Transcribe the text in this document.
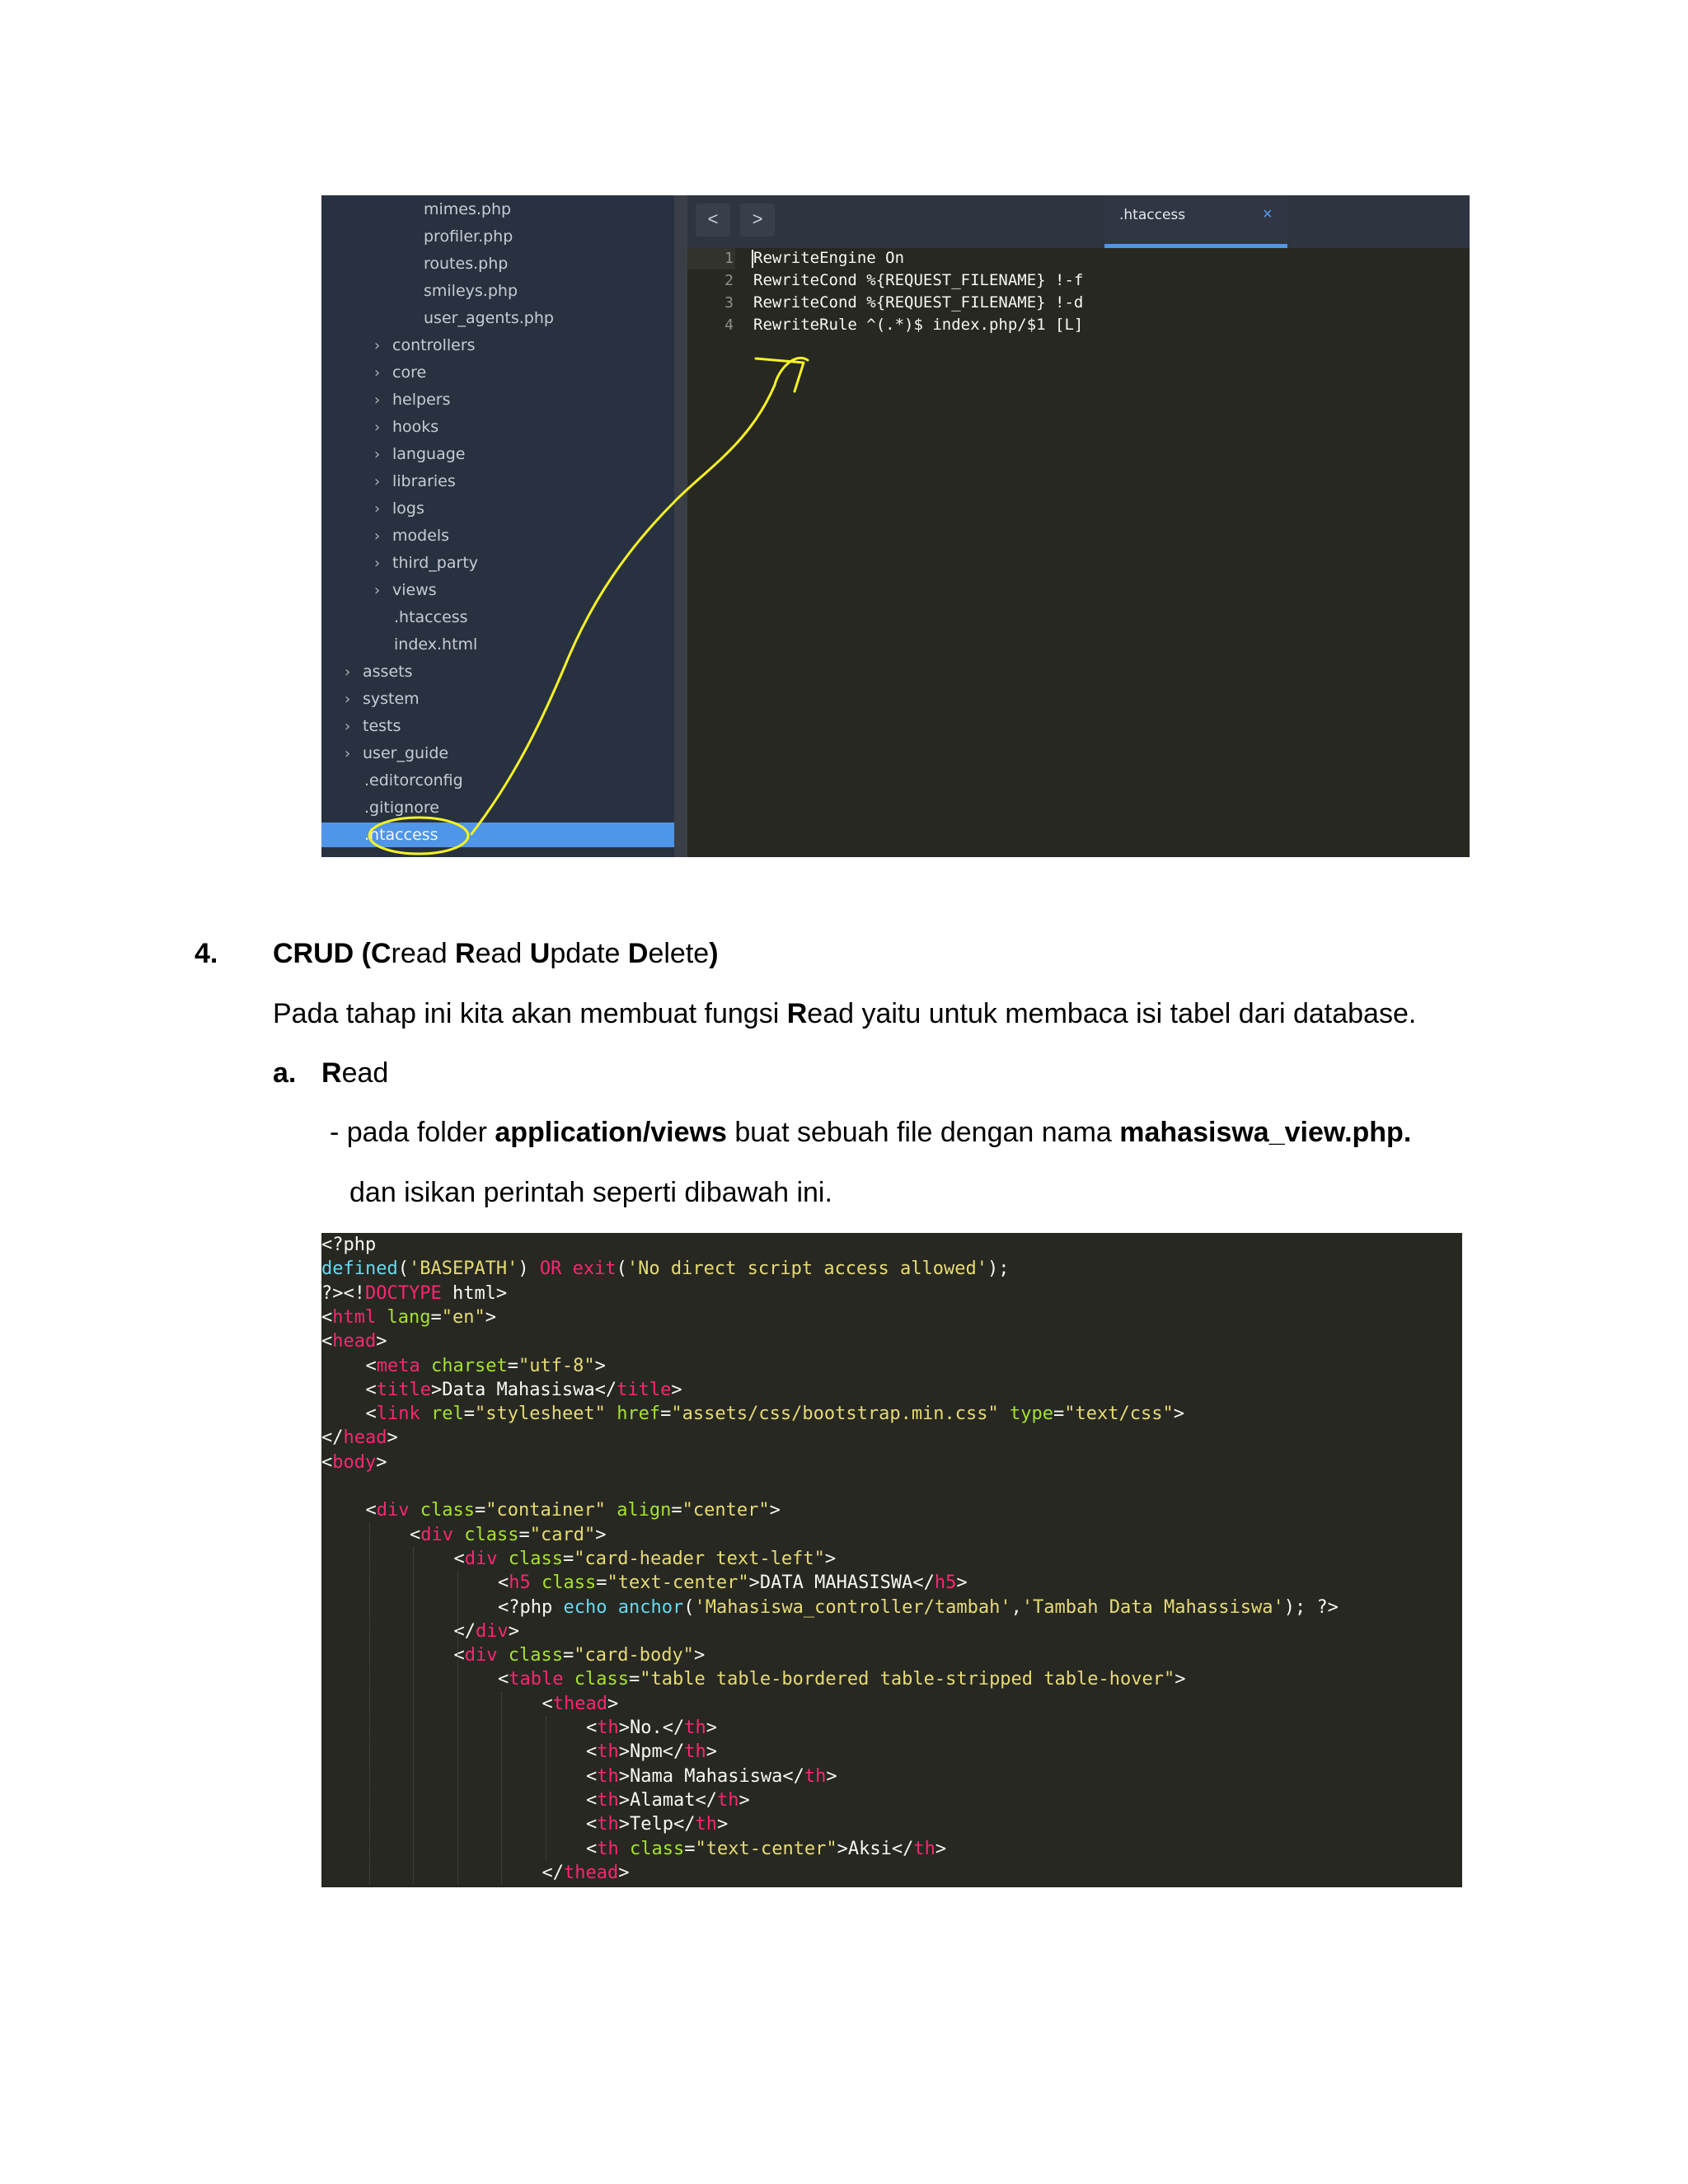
mimes.php
profiler.php
routes.php
smileys.php
user_agents.php
› controllers
› core
› helpers
› hooks
› language
› libraries
› logs
› models
› third_party
› views
.htaccess
index.html
› assets
› system
› tests
› user_guide
.editorconfig
.gitignore
.htaccess
<	>	.htaccess	×
1
2
3
4
RewriteEngine On
RewriteCond %{REQUEST_FILENAME} !-f
RewriteCond %{REQUEST_FILENAME} !-d
RewriteRule ^(.*)$ index.php/$1 [L]
4. CRUD (Cread Read Update Delete)
Pada tahap ini kita akan membuat fungsi Read yaitu untuk membaca isi tabel dari database.
a. Read
- pada folder application/views buat sebuah file dengan nama mahasiswa_view.php.
dan isikan perintah seperti dibawah ini.
<?php
defined('BASEPATH') OR exit('No direct script access allowed');
?><!DOCTYPE html>
<html lang="en">
<head>
<meta charset="utf-8">
<title>Data Mahasiswa</title>
<link rel="stylesheet" href="assets/css/bootstrap.min.css" type="text/css">
</head>
<body>
<div class="container" align="center">
<div class="card">
<div class="card-header text-left">
<h5 class="text-center">DATA MAHASISWA</h5>
<?php echo anchor('Mahasiswa_controller/tambah','Tambah Data Mahassiswa'); ?>
</div>
<div class="card-body">
<table class="table table-bordered table-stripped table-hover">
<thead>
<th>No.</th>
<th>Npm</th>
<th>Nama Mahasiswa</th>
<th>Alamat</th>
<th>Telp</th>
<th class="text-center">Aksi</th>
</thead>
